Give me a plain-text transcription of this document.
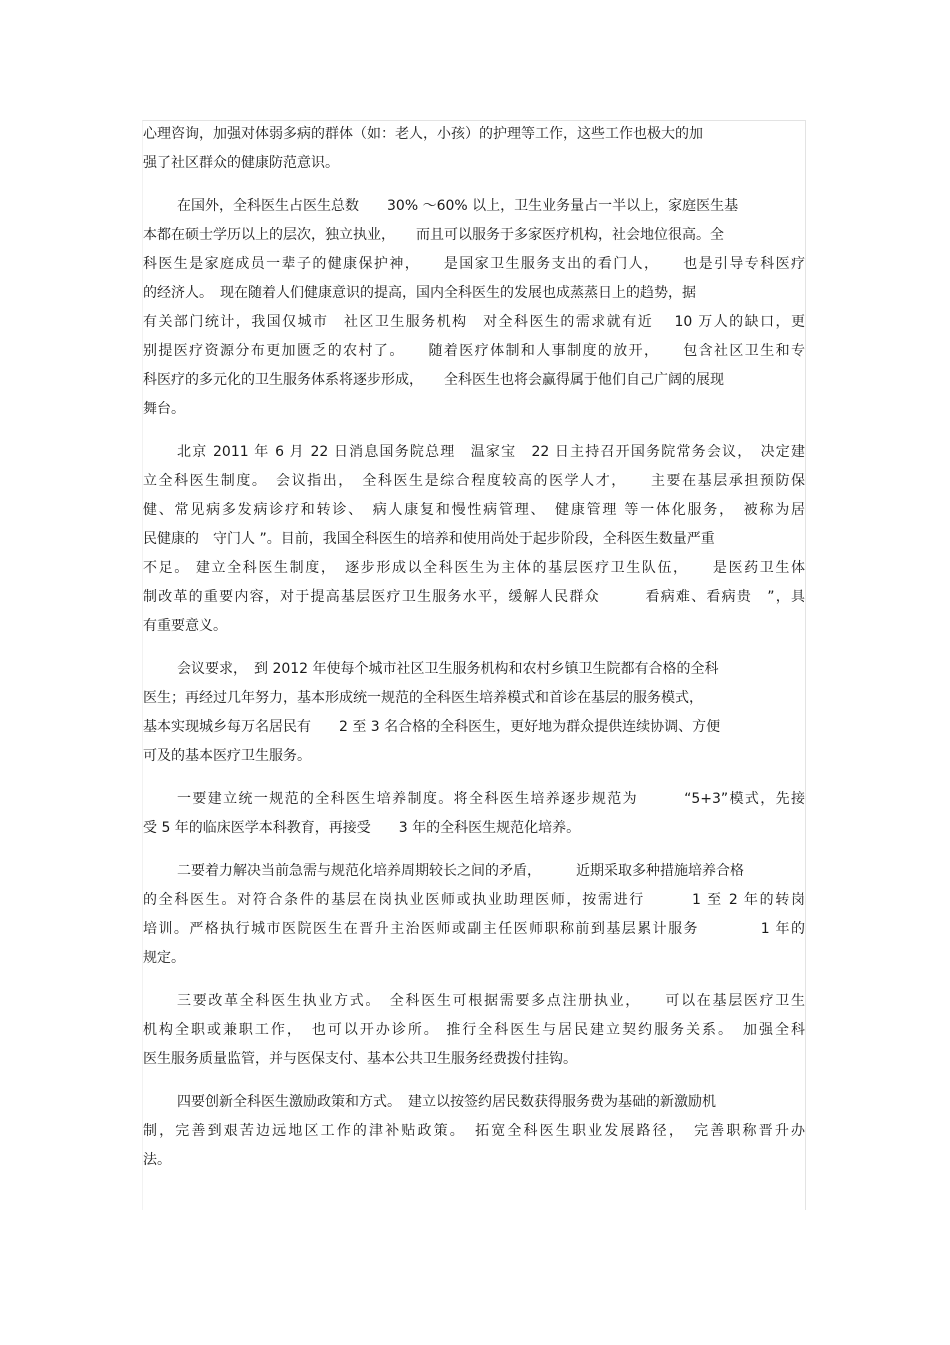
心理咨询，加强对体弱多病的群体（如：老人，小孩）的护理等工作，这些工作也极大的加
强了社区群众的健康防范意识。
在国外，全科医生占医生总数　　30% ～60% 以上，卫生业务量占一半以上，家庭医生基
本都在硕士学历以上的层次，独立执业，　　而且可以服务于多家医疗机构，社会地位很高。全
科医生是家庭成员一辈子的健康保护神，　　是国家卫生服务支出的看门人，　　也是引导专科医疗
的经济人。　现在随着人们健康意识的提高，国内全科医生的发展也成蒸蒸日上的趋势，据
有关部门统计，我国仅城市　社区卫生服务机构　对全科医生的需求就有近　 10 万人的缺口，更
别提医疗资源分布更加匮乏的农村了。　　随着医疗体制和人事制度的放开，　　包含社区卫生和专
科医疗的多元化的卫生服务体系将逐步形成，　　全科医生也将会赢得属于他们自己广阔的展现
舞台。
北京 2011 年 6 月 22 日消息国务院总理　温家宝　22 日主持召开国务院常务会议，　决定建
立全科医生制度。　会议指出，　全科医生是综合程度较高的医学人才，　　主要在基层承担预防保
健、常见病多发病诊疗和转诊、　病人康复和慢性病管理、　健康管理 等一体化服务，　被称为居
民健康的　守门人 ”。目前，我国全科医生的培养和使用尚处于起步阶段，全科医生数量严重
不足。 建立全科医生制度，　逐步形成以全科医生为主体的基层医疗卫生队伍，　　是医药卫生体
制改革的重要内容，对于提高基层医疗卫生服务水平，缓解人民群众　　　看病难、看病贵　”，具
有重要意义。
会议要求，　到 2012 年使每个城市社区卫生服务机构和农村乡镇卫生院都有合格的全科
医生；再经过几年努力，基本形成统一规范的全科医生培养模式和首诊在基层的服务模式，
基本实现城乡每万名居民有　　2 至 3 名合格的全科医生，更好地为群众提供连续协调、方便
可及的基本医疗卫生服务。
一要建立统一规范的全科医生培养制度。将全科医生培养逐步规范为　　　“5+3”模式，先接
受 5 年的临床医学本科教育，再接受　　3 年的全科医生规范化培养。
二要着力解决当前急需与规范化培养周期较长之间的矛盾，　　　近期采取多种措施培养合格
的全科医生。对符合条件的基层在岗执业医师或执业助理医师，按需进行　　　1 至 2 年的转岗
培训。严格执行城市医院医生在晋升主治医师或副主任医师职称前到基层累计服务　　　　1 年的
规定。
三要改革全科医生执业方式。　全科医生可根据需要多点注册执业，　　可以在基层医疗卫生
机构全职或兼职工作，　也可以开办诊所。 推行全科医生与居民建立契约服务关系。　加强全科
医生服务质量监管，并与医保支付、基本公共卫生服务经费拨付挂钩。
四要创新全科医生激励政策和方式。　建立以按签约居民数获得服务费为基础的新激励机
制，完善到艰苦边远地区工作的津补贴政策。　拓宽全科医生职业发展路径，　完善职称晋升办
法。
